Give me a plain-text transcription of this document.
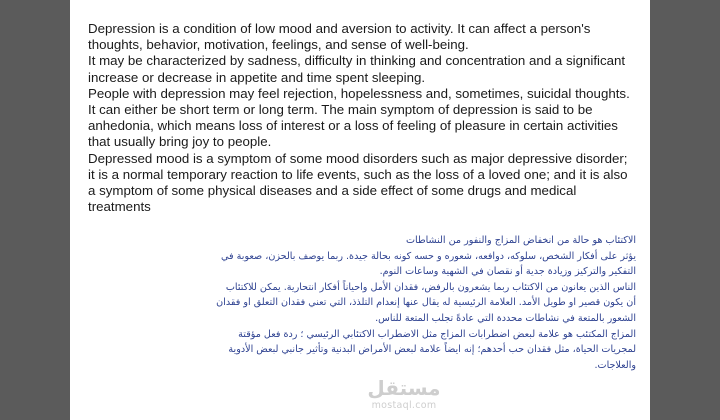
Depression is a condition of low mood and aversion to activity. It can affect a person's thoughts, behavior, motivation, feelings, and sense of well-being.

It may be characterized by sadness, difficulty in thinking and concentration and a significant increase or decrease in appetite and time spent sleeping.

People with depression may feel rejection, hopelessness and, sometimes, suicidal thoughts. It can either be short term or long term. The main symptom of depression is said to be anhedonia, which means loss of interest or a loss of feeling of pleasure in certain activities that usually bring joy to people.

Depressed mood is a symptom of some mood disorders such as major depressive disorder; it is a normal temporary reaction to life events, such as the loss of a loved one; and it is also a symptom of some physical diseases and a side effect of some drugs and medical treatments

الاكتئاب هو حالة من انخفاض المزاج والنفور من النشاطات

يؤثر على أفكار الشخص، سلوكه، دوافعه، شعوره و حسه كونه بحالة جيدة. ربما يوصف بالحزن، صعوبة في التفكير والتركيز وزيادة جدية أو نقصان في الشهية وساعات النوم.

الناس الذين يعانون من الاكتئاب ربما يشعرون بالرفض، فقدان الأمل واحياناً أفكار انتحارية. يمكن للاكتئاب أن يكون قصير او طويل الأمد. العلامة الرئيسية له يقال عنها إنعدام التلذذ، التي تعني فقدان التعلق او فقدان الشعور بالمتعة في نشاطات محددة التي عادةً تجلب المتعة للناس.

المزاج المكتئب هو علامة لبعض اضطرابات المزاج مثل الاضطراب الاكتئابي الرئيسي ؛ ردة فعل مؤقتة لمجريات الحياة، مثل فقدان حب أحدهم؛ إنه ايضاً علامة لبعض الأمراض البدنية وتأثير جانبي لبعض الأدوية والعلاجات.

مستقل
mostaql.com
